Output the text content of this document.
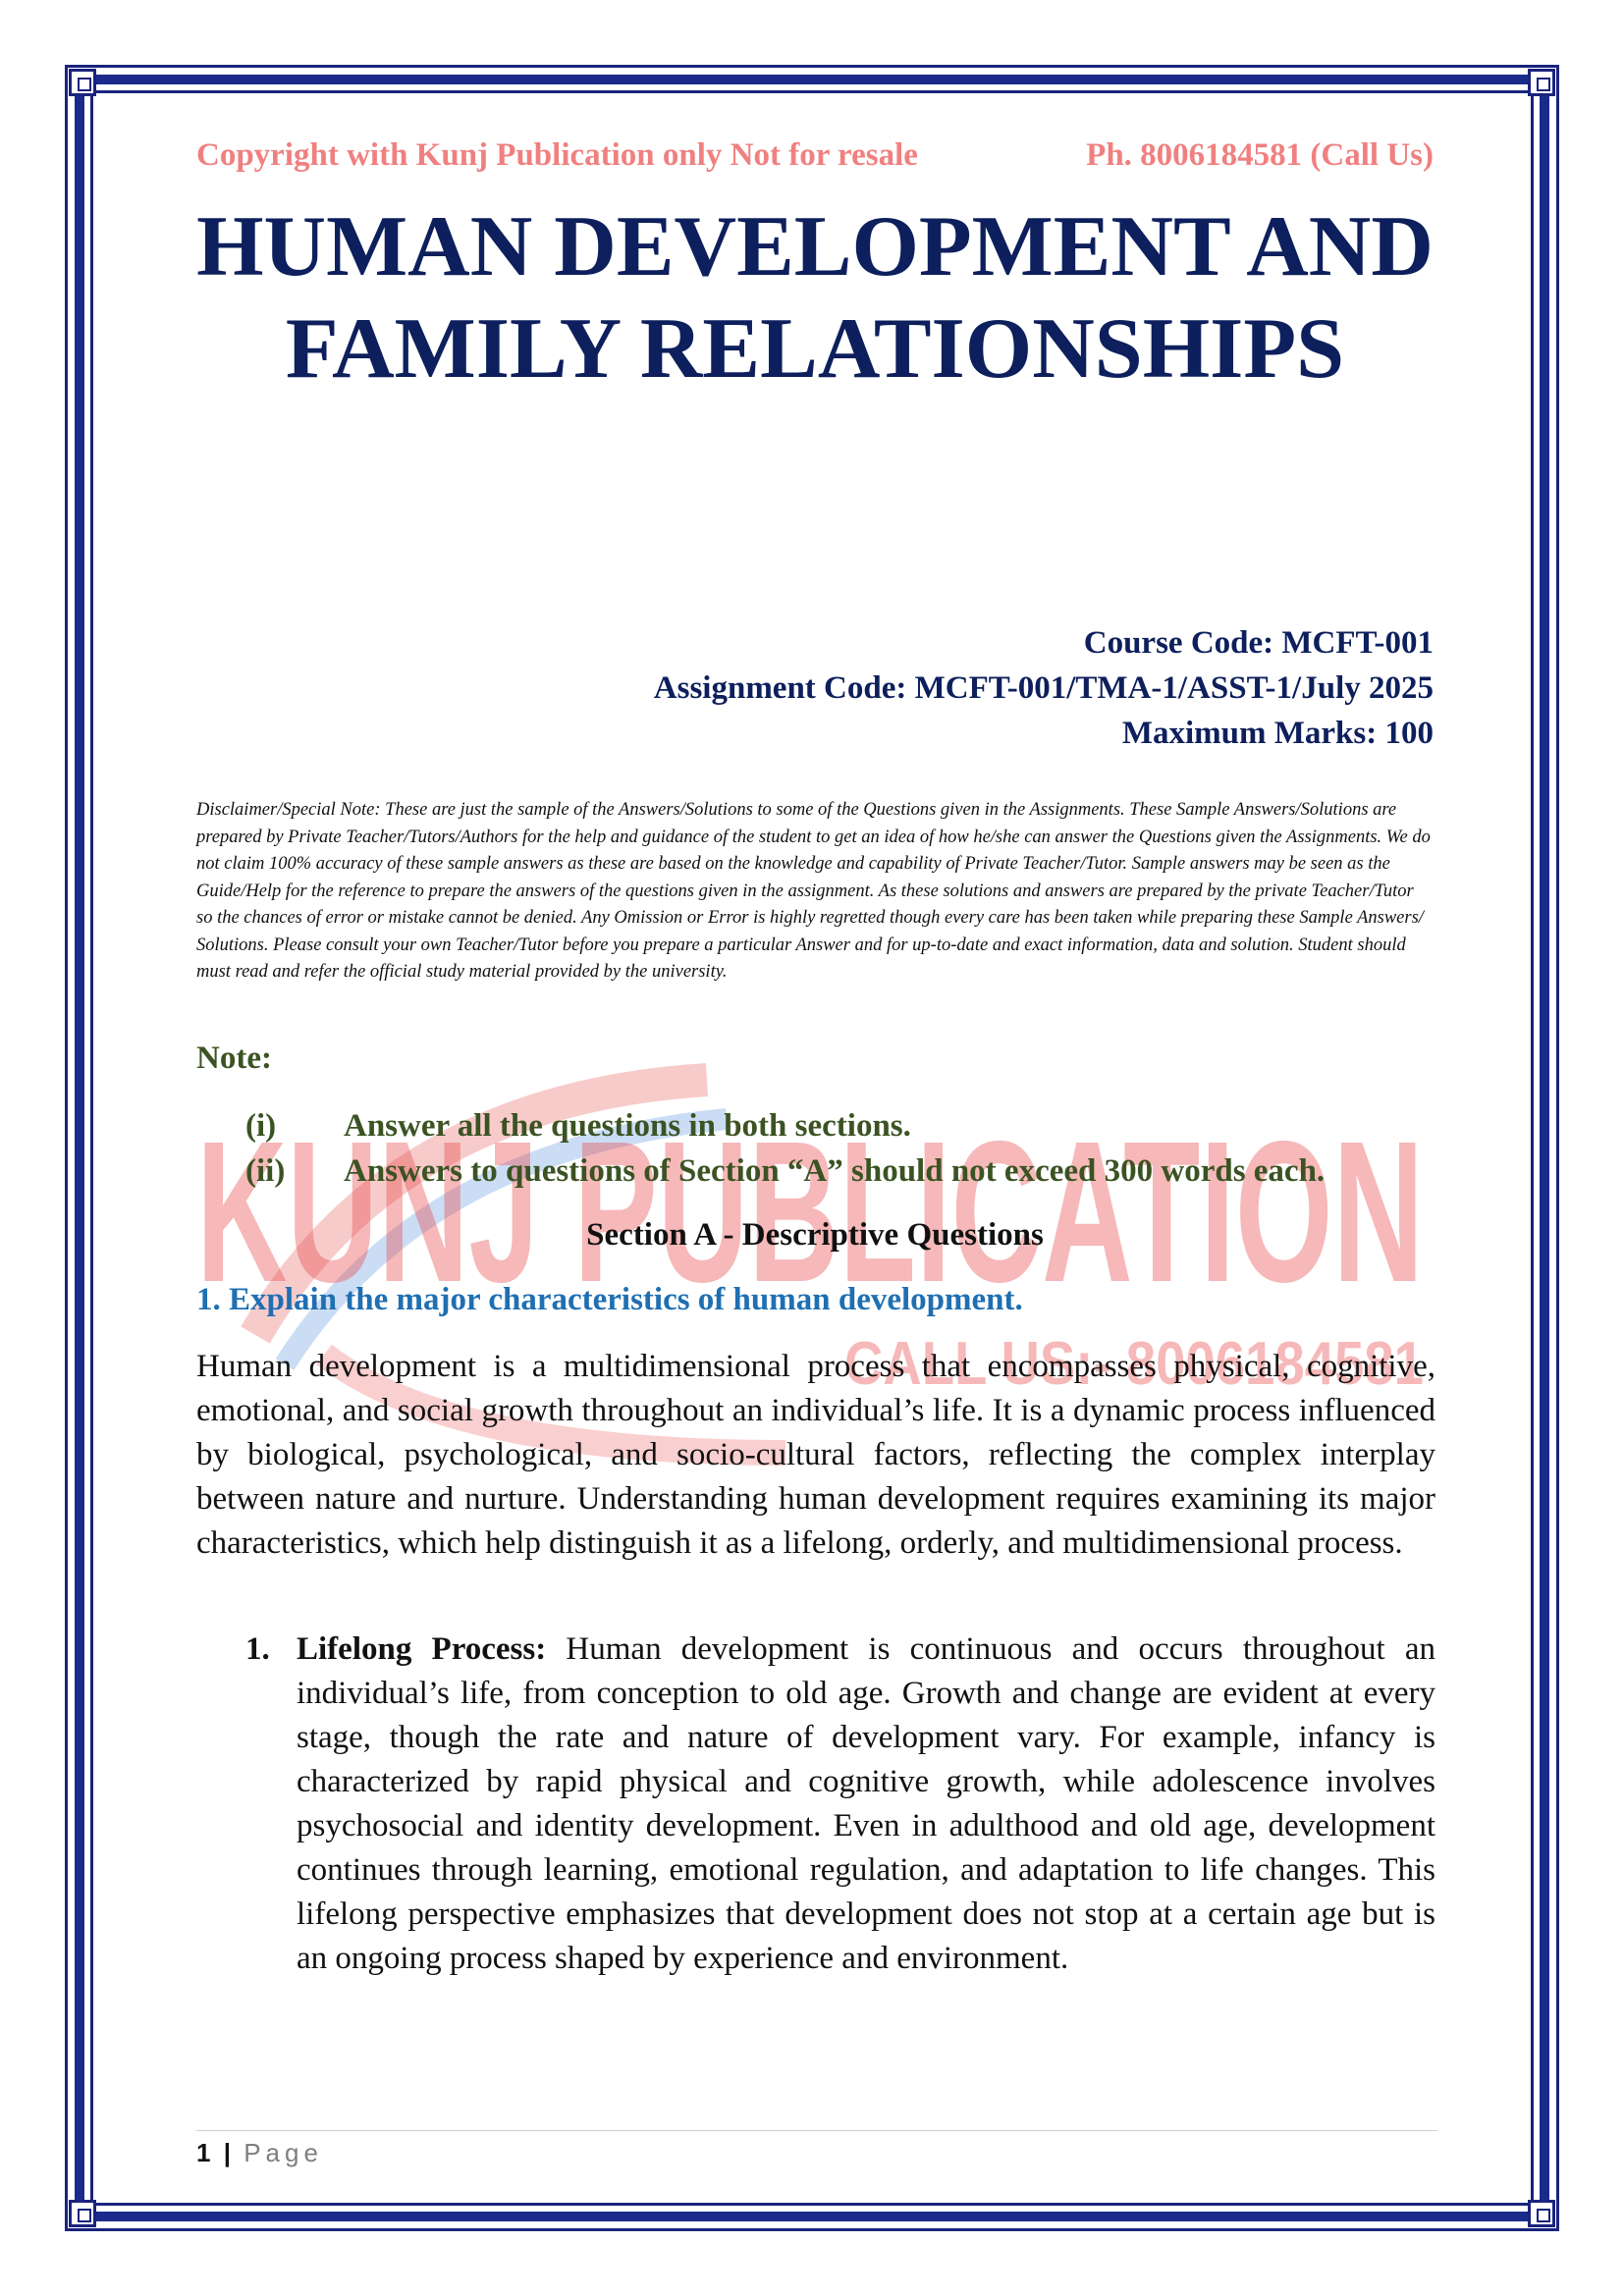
KUNJ PUBLICATION
CALL US:- 8006184581
Copyright with Kunj Publication only Not for resale	Ph. 8006184581 (Call Us)
HUMAN DEVELOPMENT AND
FAMILY RELATIONSHIPS
Course Code: MCFT-001
Assignment Code: MCFT-001/TMA-1/ASST-1/July 2025
Maximum Marks: 100
Disclaimer/Special Note: These are just the sample of the Answers/Solutions to some of the Questions given in the Assignments. These Sample Answers/Solutions are prepared by Private Teacher/Tutors/Authors for the help and guidance of the student to get an idea of how he/she can answer the Questions given the Assignments. We do not claim 100% accuracy of these sample answers as these are based on the knowledge and capability of Private Teacher/Tutor. Sample answers may be seen as the Guide/Help for the reference to prepare the answers of the questions given in the assignment. As these solutions and answers are prepared by the private Teacher/Tutor so the chances of error or mistake cannot be denied. Any Omission or Error is highly regretted though every care has been taken while preparing these Sample Answers/ Solutions. Please consult your own Teacher/Tutor before you prepare a particular Answer and for up-to-date and exact information, data and solution. Student should must read and refer the official study material provided by the university.
Note:
(i)	Answer all the questions in both sections.
(ii)	Answers to questions of Section “A” should not exceed 300 words each.
Section A - Descriptive Questions
1. Explain the major characteristics of human development.

Human development is a multidimensional process that encompasses physical, cognitive, emotional, and social growth throughout an individual’s life. It is a dynamic process influenced by biological, psychological, and socio-cultural factors, reflecting the complex interplay between nature and nurture. Understanding human development requires examining its major characteristics, which help distinguish it as a lifelong, orderly, and multidimensional process.

1. Lifelong Process: Human development is continuous and occurs throughout an individual’s life, from conception to old age. Growth and change are evident at every stage, though the rate and nature of development vary. For example, infancy is characterized by rapid physical and cognitive growth, while adolescence involves psychosocial and identity development. Even in adulthood and old age, development continues through learning, emotional regulation, and adaptation to life changes. This lifelong perspective emphasizes that development does not stop at a certain age but is an ongoing process shaped by experience and environment.
1 | Page
